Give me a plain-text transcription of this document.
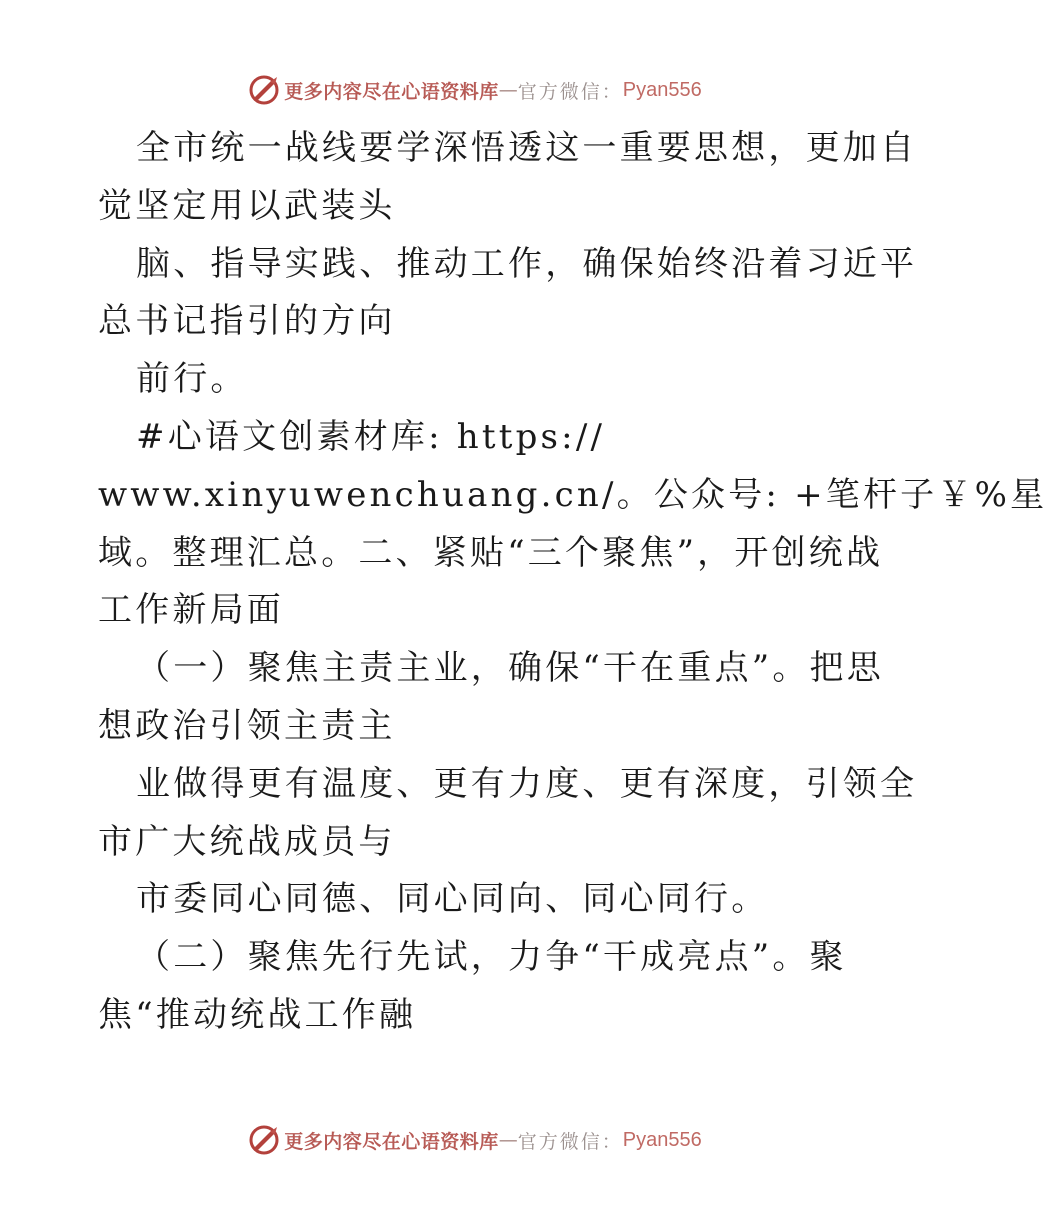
更多内容尽在心语资料库 — 官方微信： Pyan556
全市统一战线要学深悟透这一重要思想，更加自
觉坚定用以武装头
脑、指导实践、推动工作，确保始终沿着习近平
总书记指引的方向
前行。
#心语文创素材库: https://
www.xinyuwenchuang.cn/。公众号: +笔杆子￥%星
域。整理汇总。二、紧贴“三个聚焦”，开创统战
工作新局面
（一）聚焦主责主业，确保“干在重点”。把思
想政治引领主责主
业做得更有温度、更有力度、更有深度，引领全
市广大统战成员与
市委同心同德、同心同向、同心同行。
（二）聚焦先行先试，力争“干成亮点”。聚
焦“推动统战工作融
更多内容尽在心语资料库 — 官方微信： Pyan556
